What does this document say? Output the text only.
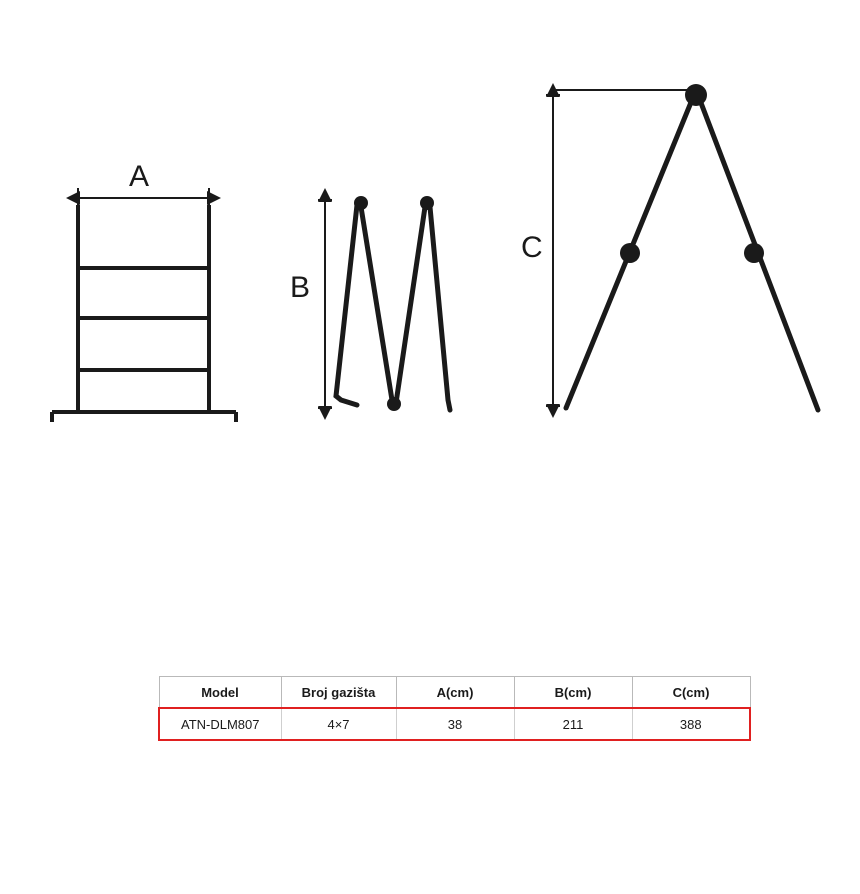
A
B
C
Model	Broj gazišta	A(cm)	B(cm)	C(cm)
ATN-DLM807	4×7	38	211	388
